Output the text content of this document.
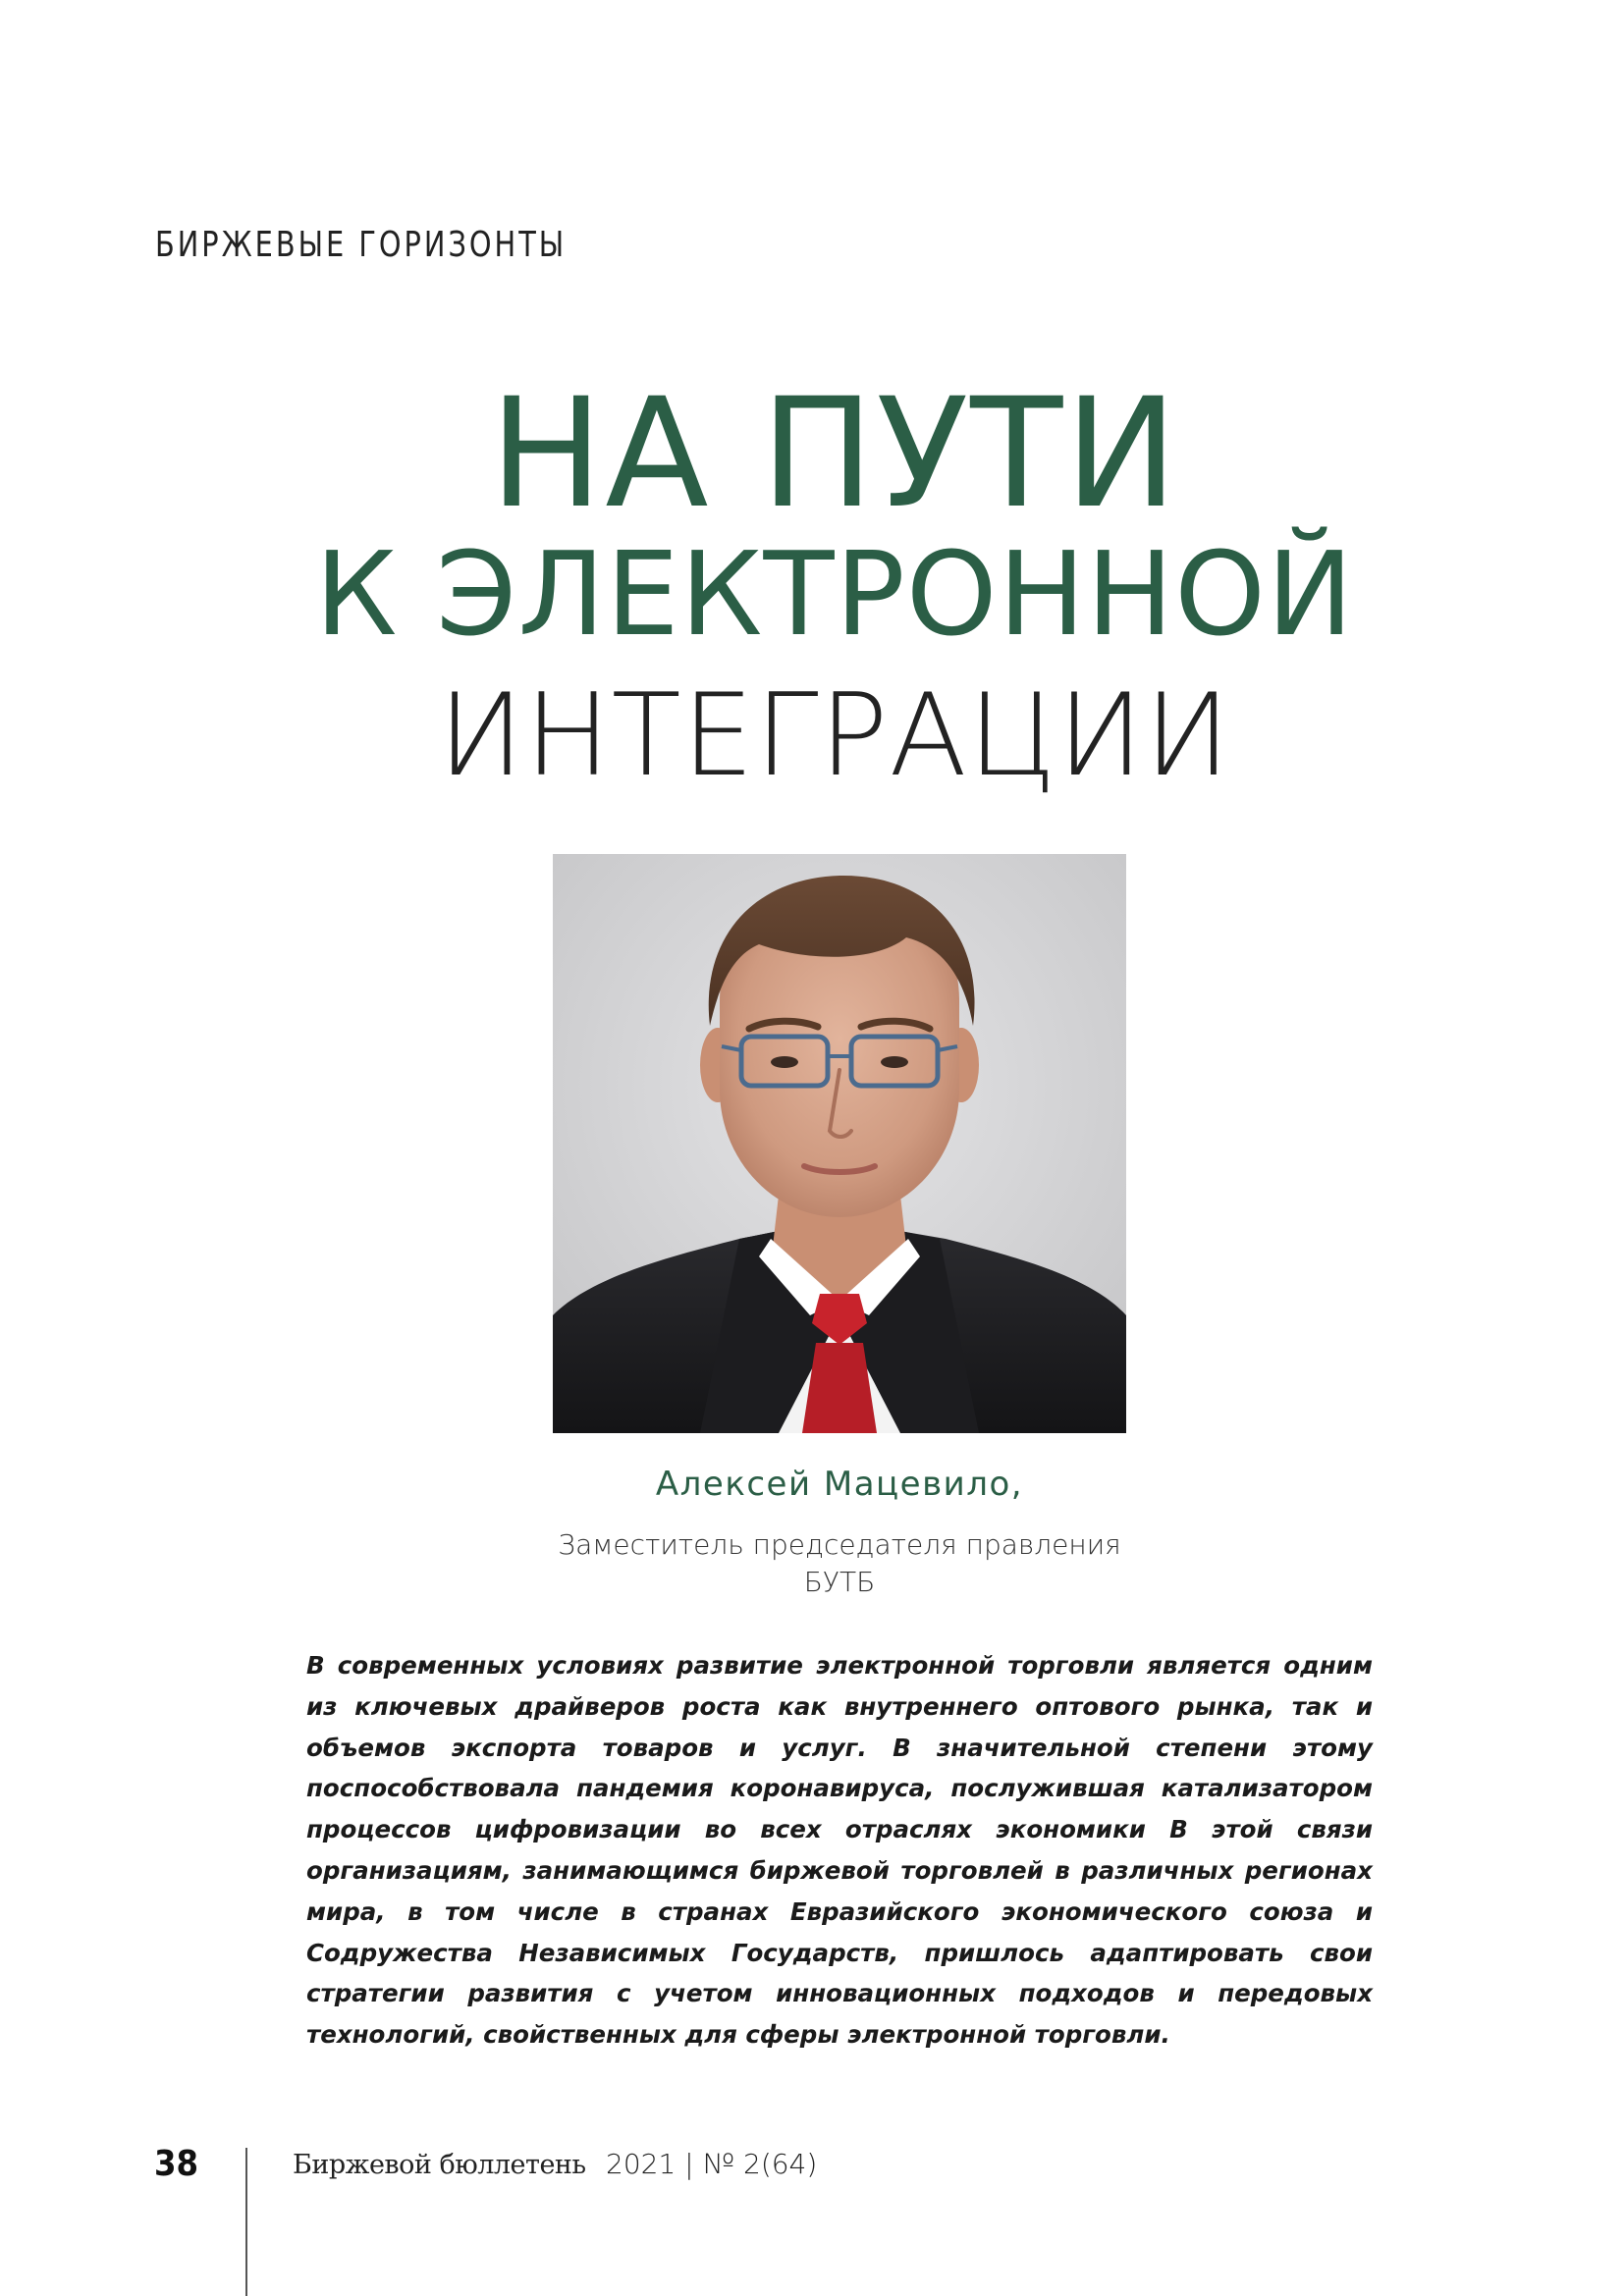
БИРЖЕВЫЕ ГОРИЗОНТЫ
НА ПУТИ
К ЭЛЕКТРОННОЙ
ИНТЕГРАЦИИ
Алексей Мацевило,
Заместитель председателя правления
БУТБ

В современных условиях развитие электронной торговли является одним из ключевых драйверов роста как внутреннего оптового рынка, так и объемов экспорта товаров и услуг. В значительной степени этому поспособствовала пандемия коронавируса, послужившая катализатором процессов цифровизации во всех отраслях экономики В этой связи организациям, занимающимся биржевой торговлей в различных регионах мира, в том числе в странах Евразийского экономического союза и Содружества Независимых Государств, пришлось адаптировать свои стратегии развития с учетом инновационных подходов и передовых технологий, свойственных для сферы электронной торговли.

38	Биржевой бюллетень 2021 | № 2(64)
